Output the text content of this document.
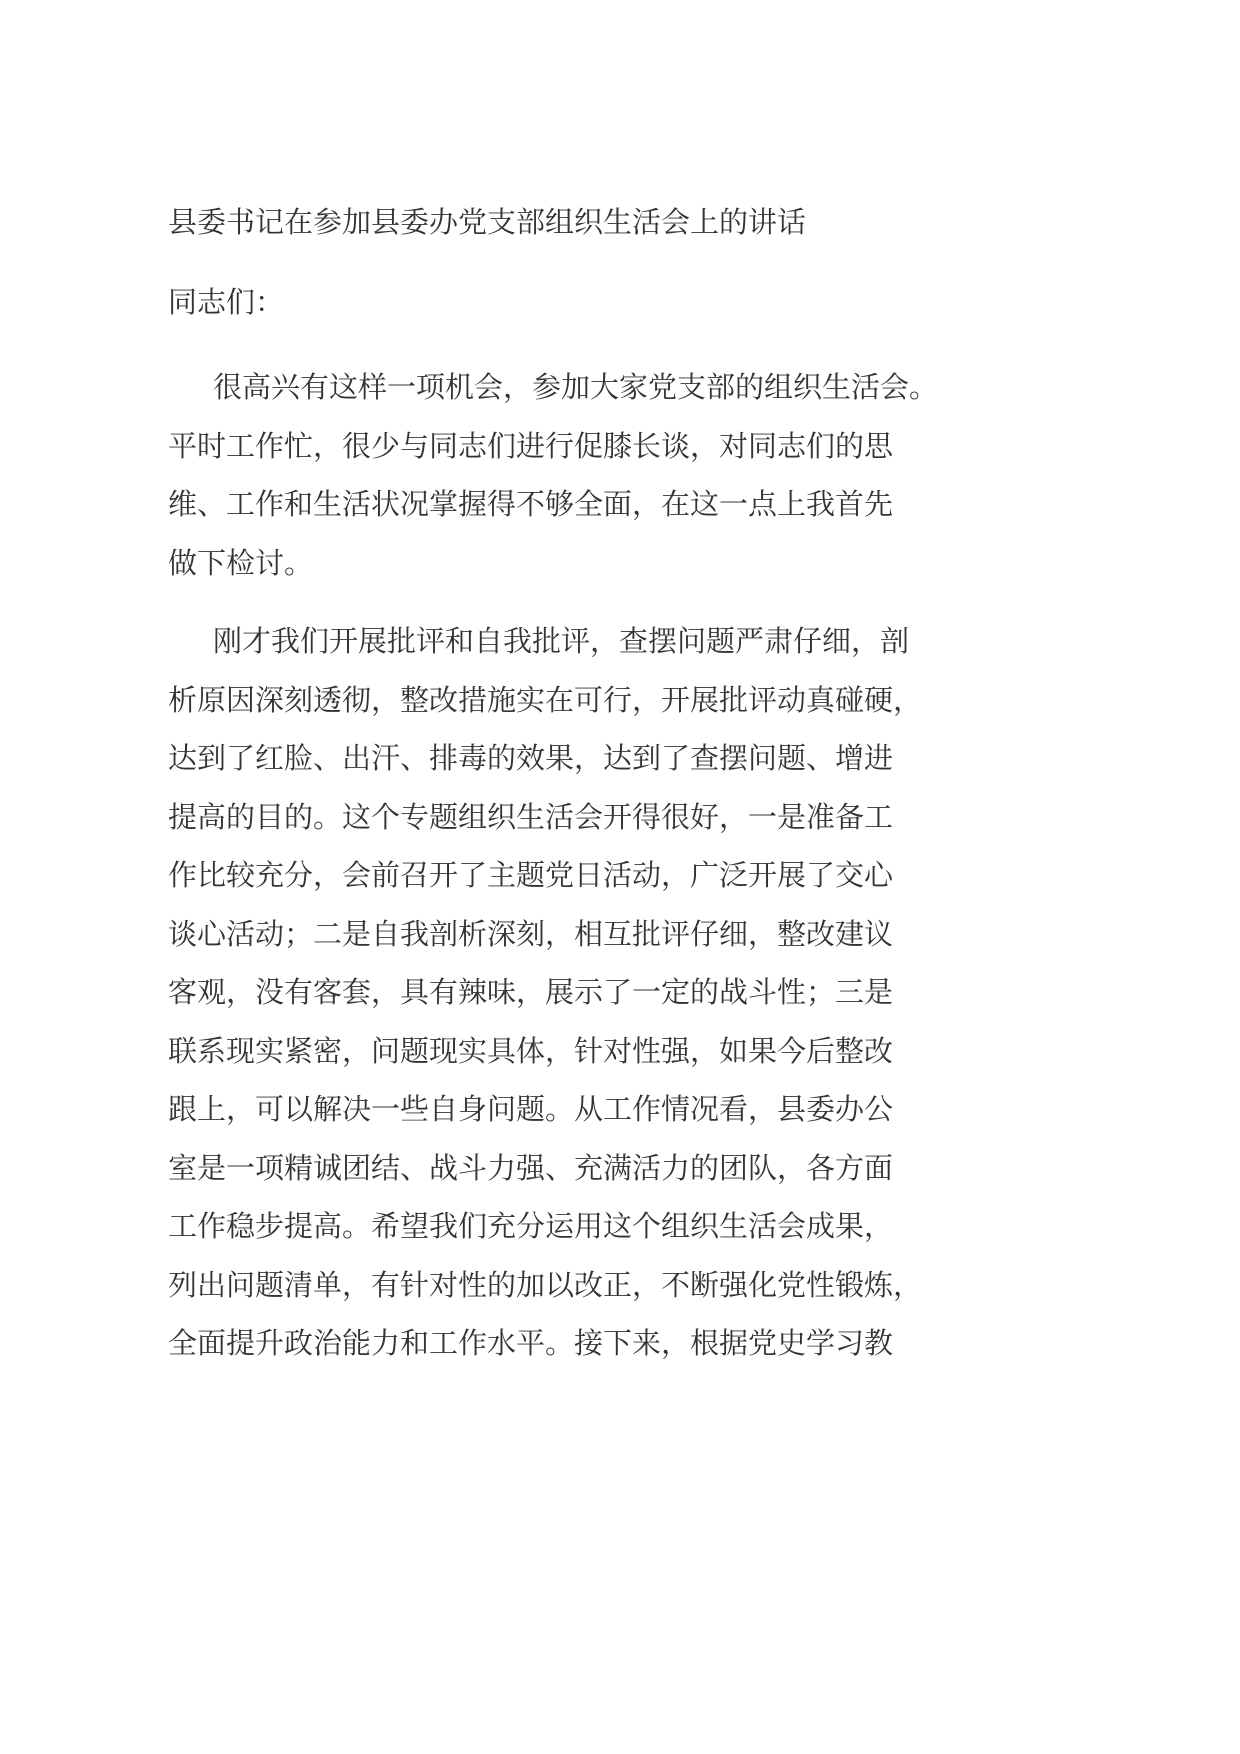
县委书记在参加县委办党支部组织生活会上的讲话

同志们：

很高兴有这样一项机会，参加大家党支部的组织生活会。
平时工作忙，很少与同志们进行促膝长谈，对同志们的思
维、工作和生活状况掌握得不够全面，在这一点上我首先
做下检讨。

刚才我们开展批评和自我批评，查摆问题严肃仔细，剖
析原因深刻透彻，整改措施实在可行，开展批评动真碰硬，
达到了红脸、出汗、排毒的效果，达到了查摆问题、增进
提高的目的。这个专题组织生活会开得很好，一是准备工
作比较充分，会前召开了主题党日活动，广泛开展了交心
谈心活动；二是自我剖析深刻，相互批评仔细，整改建议
客观，没有客套，具有辣味，展示了一定的战斗性；三是
联系现实紧密，问题现实具体，针对性强，如果今后整改
跟上，可以解决一些自身问题。从工作情况看，县委办公
室是一项精诚团结、战斗力强、充满活力的团队，各方面
工作稳步提高。希望我们充分运用这个组织生活会成果，
列出问题清单，有针对性的加以改正，不断强化党性锻炼，
全面提升政治能力和工作水平。接下来，根据党史学习教
